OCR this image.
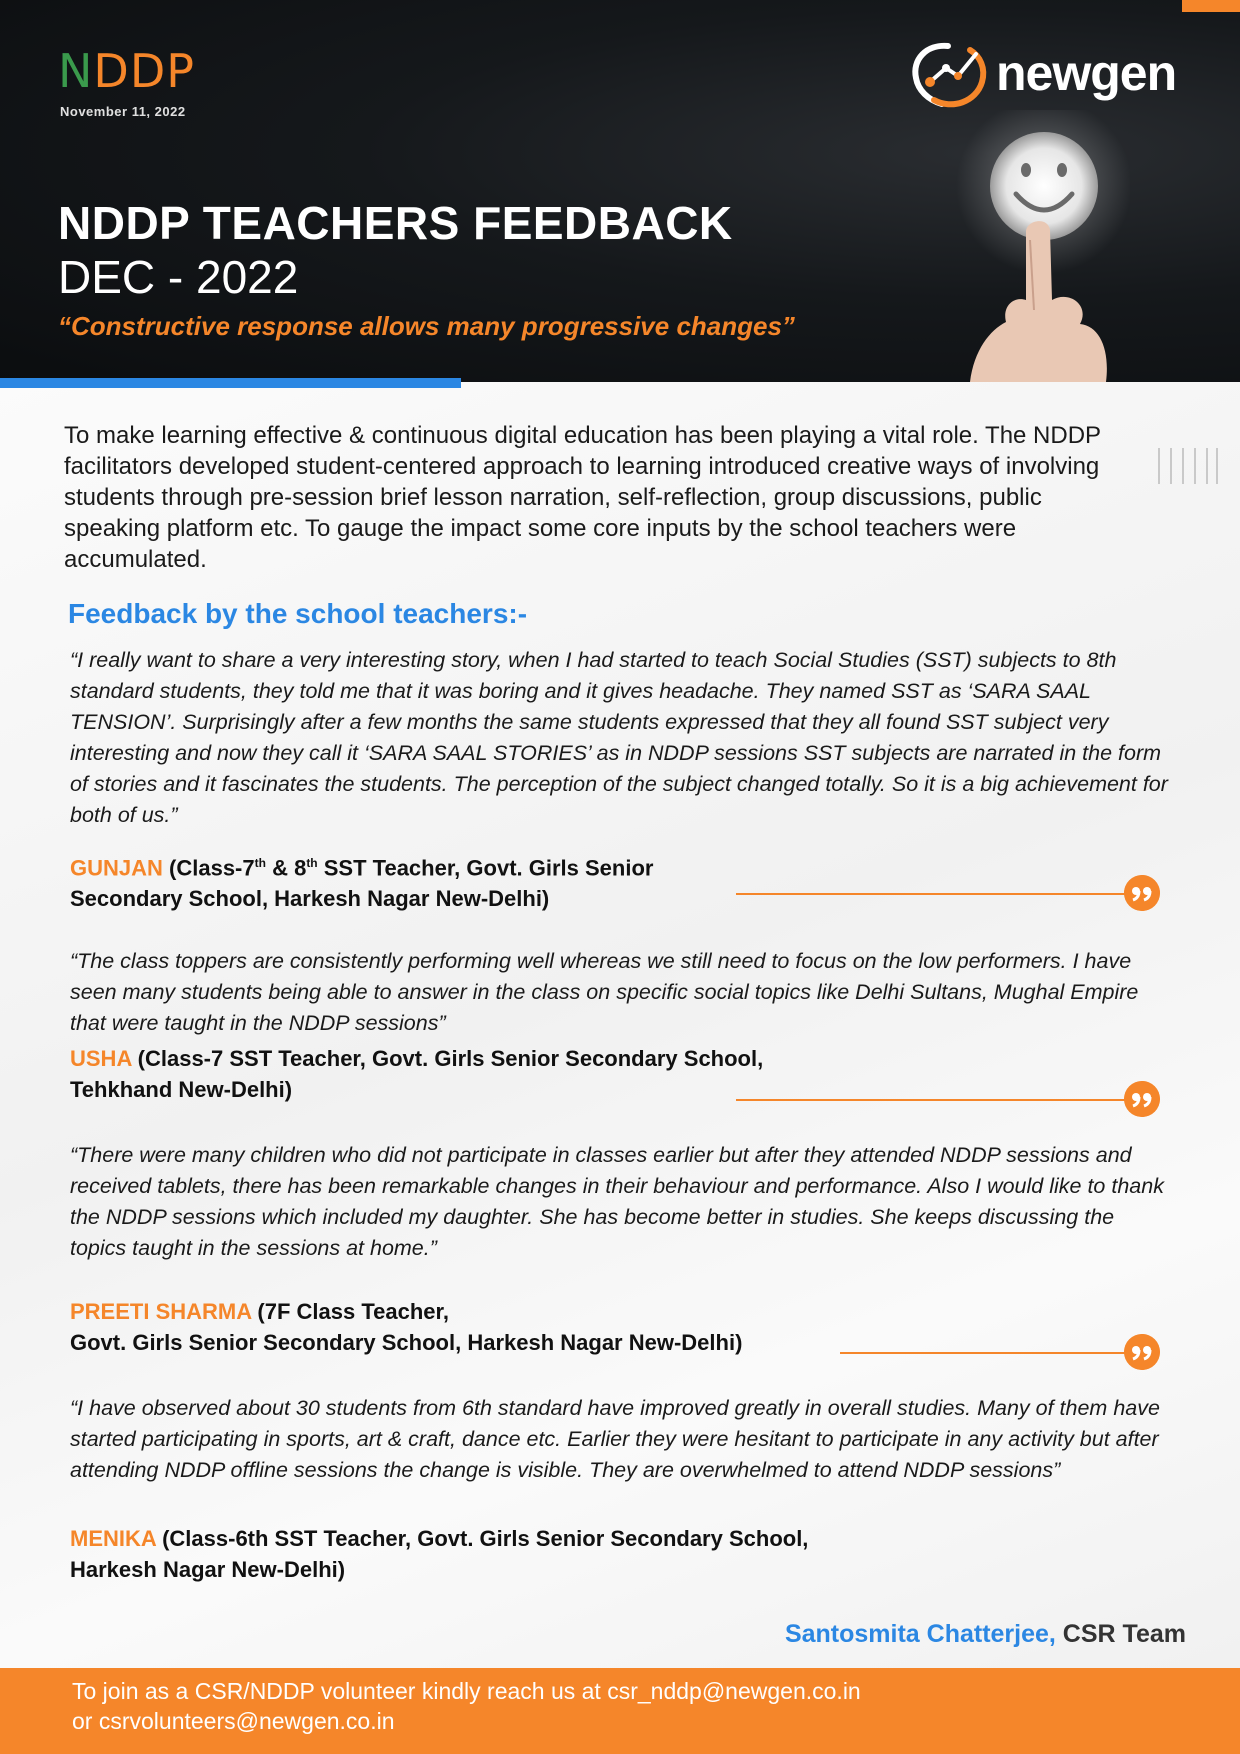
NDDP
November 11, 2022
newgen
NDDP TEACHERS FEEDBACK
DEC - 2022
“Constructive response allows many progressive changes”
To make learning effective & continuous digital education has been playing a vital role. The NDDP facilitators developed student-centered approach to learning introduced creative ways of involving students through pre-session brief lesson narration, self-reflection, group discussions, public speaking platform etc. To gauge the impact some core inputs by the school teachers were accumulated.
Feedback by the school teachers:-
“I really want to share a very interesting story, when I had started to teach Social Studies (SST) subjects to 8th standard students, they told me that it was boring and it gives headache. They named SST as ‘SARA SAAL TENSION’. Surprisingly after a few months the same students expressed that they all found SST subject very interesting and now they call it ‘SARA SAAL STORIES’ as in NDDP sessions SST subjects are narrated in the form of stories and it fascinates the students. The perception of the subject changed totally. So it is a big achievement for both of us.”
GUNJAN (Class-7th & 8th SST Teacher, Govt. Girls Senior
Secondary School, Harkesh Nagar New-Delhi)
“The class toppers are consistently performing well whereas we still need to focus on the low performers. I have seen many students being able to answer in the class on specific social topics like Delhi Sultans, Mughal Empire that were taught in the NDDP sessions”
USHA (Class-7 SST Teacher, Govt. Girls Senior Secondary School,
Tehkhand New-Delhi)
“There were many children who did not participate in classes earlier but after they attended NDDP sessions and received tablets, there has been remarkable changes in their behaviour and performance. Also I would like to thank the NDDP sessions which included my daughter. She has become better in studies. She keeps discussing the topics taught in the sessions at home.”
PREETI SHARMA (7F Class Teacher,
Govt. Girls Senior Secondary School, Harkesh Nagar New-Delhi)
“I have observed about 30 students from 6th standard have improved greatly in overall studies. Many of them have started participating in sports, art & craft, dance etc. Earlier they were hesitant to participate in any activity but after attending NDDP offline sessions the change is visible. They are overwhelmed to attend NDDP sessions”
MENIKA (Class-6th SST Teacher, Govt. Girls Senior Secondary School,
Harkesh Nagar New-Delhi)
Santosmita Chatterjee, CSR Team
To join as a CSR/NDDP volunteer kindly reach us at csr_nddp@newgen.co.in
or csrvolunteers@newgen.co.in
